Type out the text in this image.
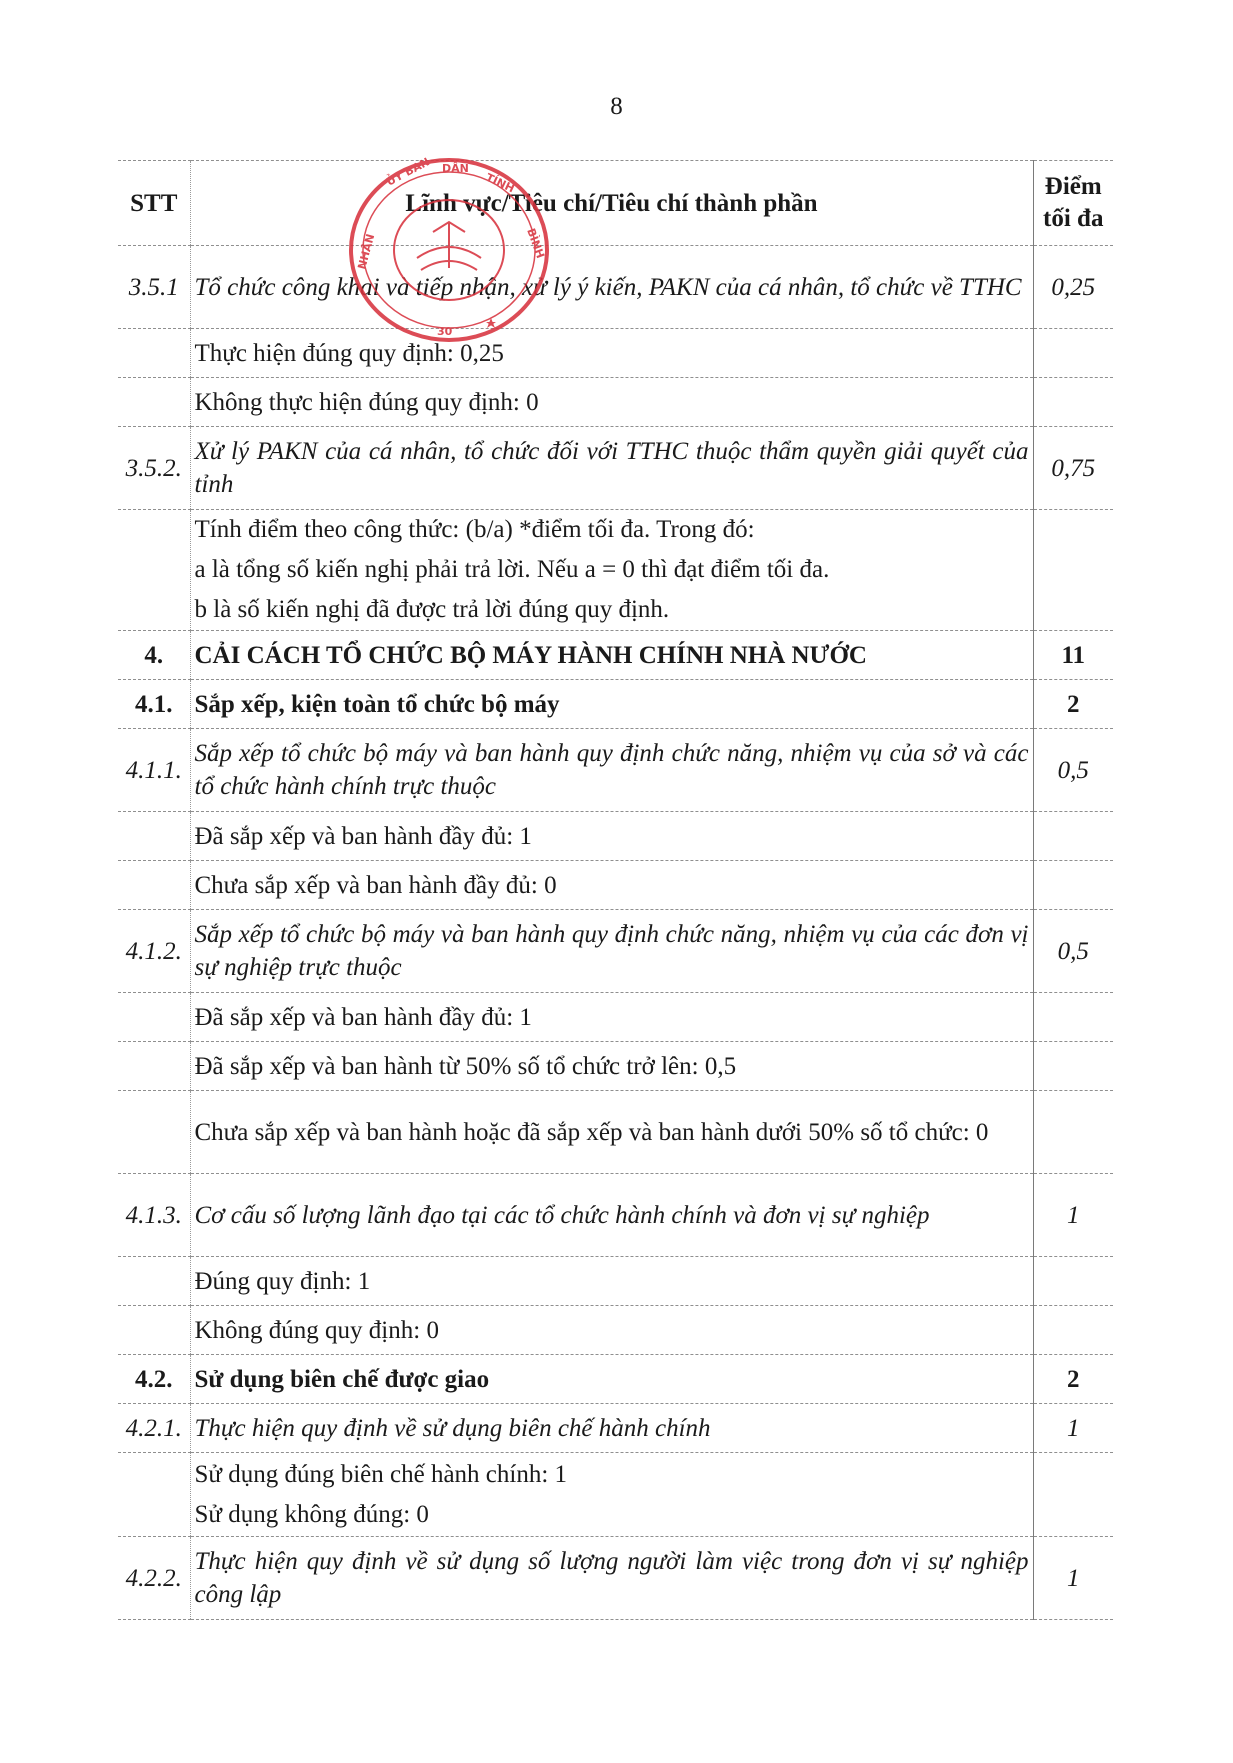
8
STT	Lĩnh vực/Tiêu chí/Tiêu chí thành phần	Điểm
tối đa
3.5.1	Tổ chức công khai và tiếp nhận, xử lý ý kiến, PAKN của cá nhân, tổ chức về TTHC	0,25
	Thực hiện đúng quy định: 0,25	
	Không thực hiện đúng quy định: 0	
3.5.2.	Xử lý PAKN của cá nhân, tổ chức đối với TTHC thuộc thẩm quyền giải quyết của tỉnh	0,75

	Tính điểm theo công thức: (b/a) *điểm tối đa. Trong đó:
a là tổng số kiến nghị phải trả lời. Nếu a = 0 thì đạt điểm tối đa.
b là số kiến nghị đã được trả lời đúng quy định.	

4.	CẢI CÁCH TỔ CHỨC BỘ MÁY HÀNH CHÍNH NHÀ NƯỚC	11
4.1.	Sắp xếp, kiện toàn tổ chức bộ máy	2
4.1.1.	Sắp xếp tổ chức bộ máy và ban hành quy định chức năng, nhiệm vụ của sở và các tổ chức hành chính trực thuộc	0,5
	Đã sắp xếp và ban hành đầy đủ: 1	
	Chưa sắp xếp và ban hành đầy đủ: 0	
4.1.2.	Sắp xếp tổ chức bộ máy và ban hành quy định chức năng, nhiệm vụ của các đơn vị sự nghiệp trực thuộc	0,5
	Đã sắp xếp và ban hành đầy đủ: 1	
	Đã sắp xếp và ban hành từ 50% số tổ chức trở lên: 0,5	
	Chưa sắp xếp và ban hành hoặc đã sắp xếp và ban hành dưới 50% số tổ chức: 0	
4.1.3.	Cơ cấu số lượng lãnh đạo tại các tổ chức hành chính và đơn vị sự nghiệp	1
	Đúng quy định: 1	
	Không đúng quy định: 0	
4.2.	Sử dụng biên chế được giao	2
4.2.1.	Thực hiện quy định về sử dụng biên chế hành chính	1

	Sử dụng đúng biên chế hành chính: 1
Sử dụng không đúng: 0	

4.2.2.	Thực hiện quy định về sử dụng số lượng người làm việc trong đơn vị sự nghiệp công lập	1
ỦY BAN DÂN
TỈNH
BÌNH
NHÂN
30
